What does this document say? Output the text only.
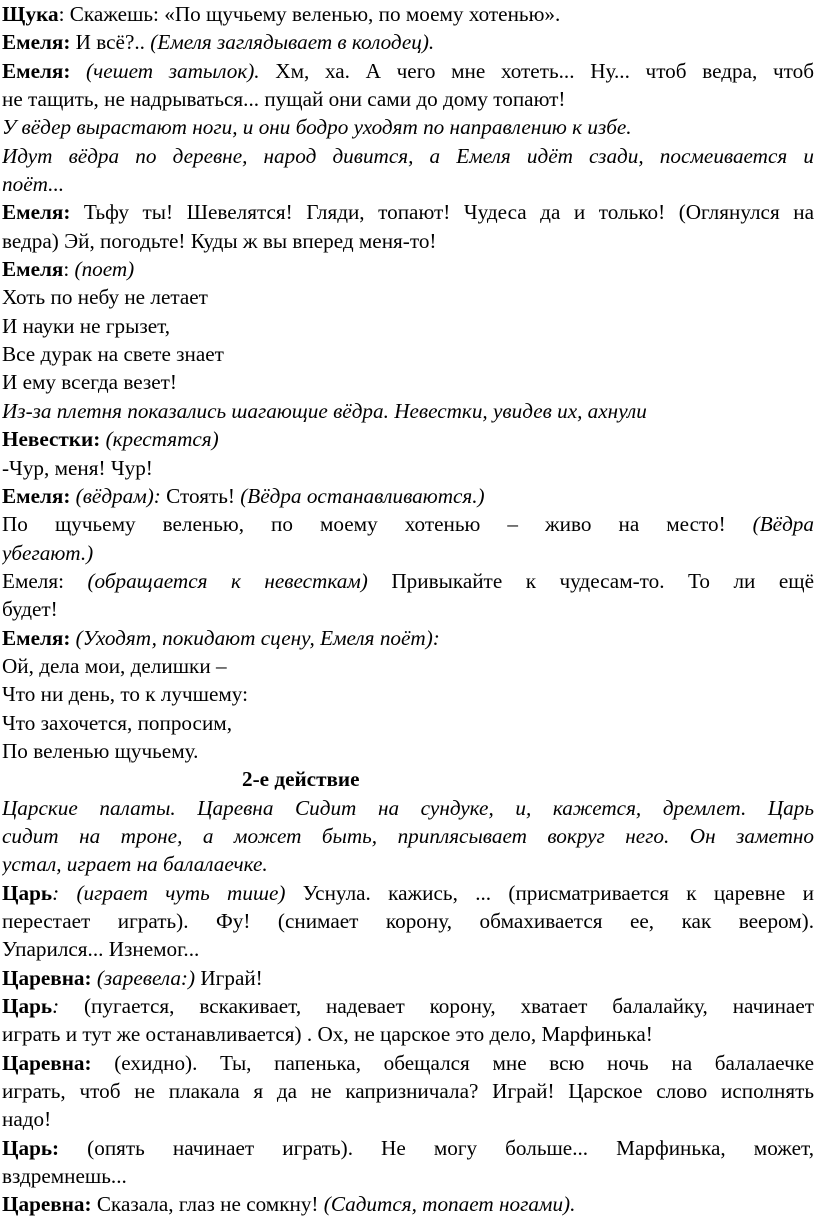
Щука: Скажешь: «По щучьему веленью, по моему хотенью».
Емеля: И всё?.. (Емеля заглядывает в колодец).
Емеля: (чешет затылок). Хм, ха. А чего мне хотеть... Ну... чтоб ведра, чтоб
не тащить, не надрываться... пущай они сами до дому топают!
У вёдер вырастают ноги, и они бодро уходят по направлению к избе.
Идут вёдра по деревне, народ дивится, а Емеля идёт сзади, посмеивается и
поёт...
Емеля: Тьфу ты! Шевелятся! Гляди, топают! Чудеса да и только! (Оглянулся на
ведра) Эй, погодьте! Куды ж вы вперед меня-то!
Емеля: (поет)
Хоть по небу не летает
И науки не грызет,
Все дурак на свете знает
И ему всегда везет!
Из-за плетня показались шагающие вёдра. Невестки, увидев их, ахнули
Невестки: (крестятся)
-Чур, меня! Чур!
Емеля: (вёдрам): Стоять! (Вёдра останавливаются.)
По щучьему веленью, по моему хотенью – живо на место! (Вёдра
убегают.)
Емеля: (обращается к невесткам) Привыкайте к чудесам-то. То ли ещё
будет!
Емеля: (Уходят, покидают сцену, Емеля поёт):
Ой, дела мои, делишки –
Что ни день, то к лучшему:
Что захочется, попросим,
По веленью щучьему.
2-е действие
Царские палаты. Царевна Сидит на сундуке, и, кажется, дремлет. Царь
сидит на троне, а может быть, приплясывает вокруг него. Он заметно
устал, играет на балалаечке.
Царь: (играет чуть тише) Уснула. кажись, ... (присматривается к царевне и
перестает играть). Фу! (снимает корону, обмахивается ее, как веером).
Упарился... Изнемог...
Царевна: (заревела:) Играй!
Царь: (пугается, вскакивает, надевает корону, хватает балалайку, начинает
играть и тут же останавливается) . Ох, не царское это дело, Марфинька!
Царевна: (ехидно). Ты, папенька, обещался мне всю ночь на балалаечке
играть, чтоб не плакала я да не капризничала? Играй! Царское слово исполнять
надо!
Царь: (опять начинает играть). Не могу больше... Марфинька, может,
вздремнешь...
Царевна: Сказала, глаз не сомкну! (Садится, топает ногами).
